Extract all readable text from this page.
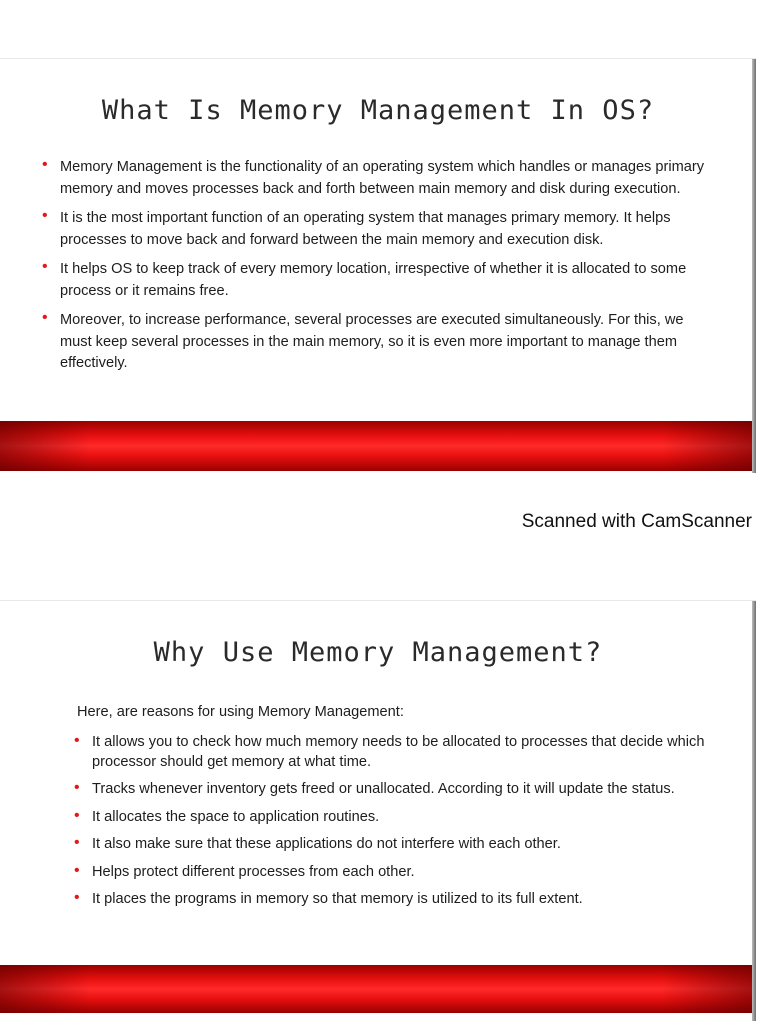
What Is Memory Management In OS?
• Memory Management is the functionality of an operating system which handles or manages primary memory and moves processes back and forth between main memory and disk during execution.
• It is the most important function of an operating system that manages primary memory. It helps processes to move back and forward between the main memory and execution disk.
• It helps OS to keep track of every memory location, irrespective of whether it is allocated to some process or it remains free.
• Moreover, to increase performance, several processes are executed simultaneously. For this, we must keep several processes in the main memory, so it is even more important to manage them effectively.
Scanned with CamScanner
Why Use Memory Management?
Here, are reasons for using Memory Management:
• It allows you to check how much memory needs to be allocated to processes that decide which processor should get memory at what time.
• Tracks whenever inventory gets freed or unallocated. According to it will update the status.
• It allocates the space to application routines.
• It also make sure that these applications do not interfere with each other.
• Helps protect different processes from each other.
• It places the programs in memory so that memory is utilized to its full extent.
